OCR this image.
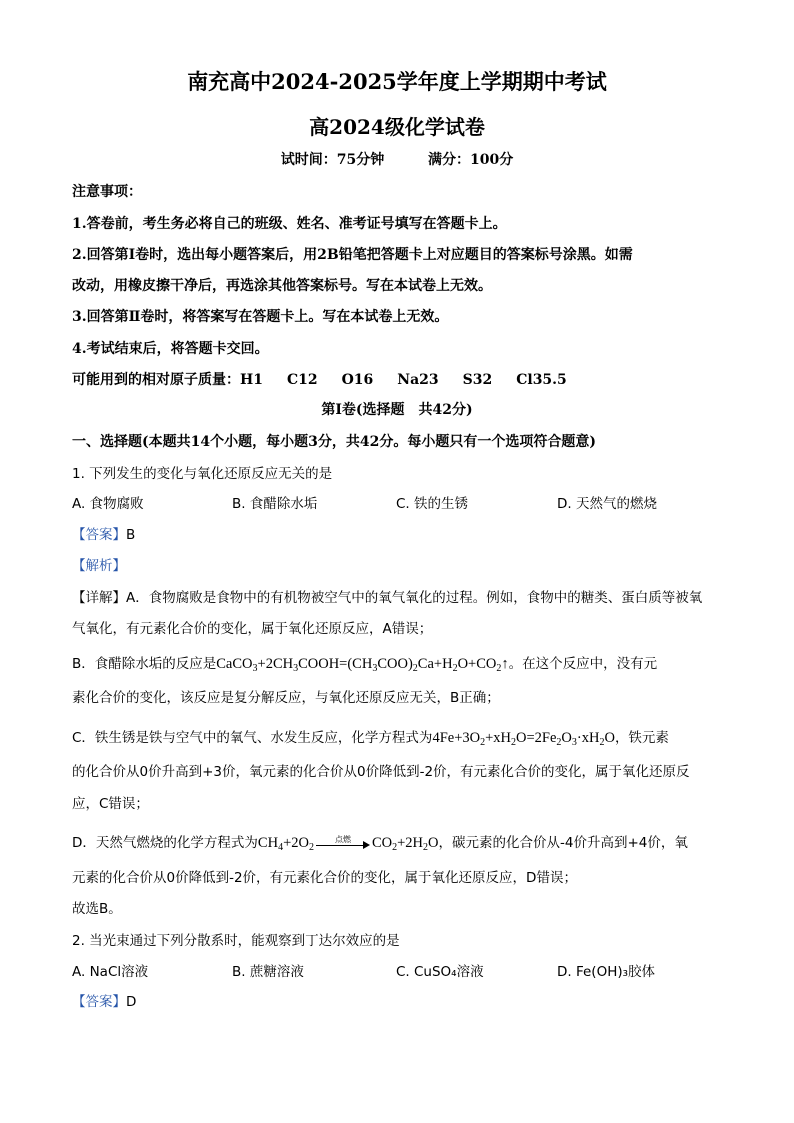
南充高中2024-2025学年度上学期期中考试
高2024级化学试卷
试时间：75分钟	满分：100分
注意事项：
1.答卷前，考生务必将自己的班级、姓名、准考证号填写在答题卡上。
2.回答第Ⅰ卷时，选出每小题答案后，用2B铅笔把答题卡上对应题目的答案标号涂黑。如需
改动，用橡皮擦干净后，再选涂其他答案标号。写在本试卷上无效。
3.回答第Ⅱ卷时，将答案写在答题卡上。写在本试卷上无效。
4.考试结束后，将答题卡交回。
可能用到的相对原子质量：H1 C12 O16 Na23 S32 Cl35.5
第Ⅰ卷(选择题　共42分)
一、选择题(本题共14个小题，每小题3分，共42分。每小题只有一个选项符合题意)
1. 下列发生的变化与氧化还原反应无关的是
A. 食物腐败	B. 食醋除水垢	C. 铁的生锈	D. 天然气的燃烧
【答案】B
【解析】
【详解】A．食物腐败是食物中的有机物被空气中的氧气氧化的过程。例如，食物中的糖类、蛋白质等被氧
气氧化，有元素化合价的变化，属于氧化还原反应，A错误；
B．食醋除水垢的反应是$CaCO_3+2CH_3COOH=(CH_3COO)_2Ca+H_2O+CO_2↑$。在这个反应中，没有元
素化合价的变化，该反应是复分解反应，与氧化还原反应无关，B正确；
C．铁生锈是铁与空气中的氧气、水发生反应，化学方程式为$4Fe+3O_2+xH_2O=2Fe_2O_3\cdot xH_2O$，铁元素
的化合价从0价升高到+3价，氧元素的化合价从0价降低到-2价，有元素化合价的变化，属于氧化还原反
应，C错误；
D．天然气燃烧的化学方程式为$CH_4+2O_2$
点燃	$CO_2+2H_2O$，碳元素的化合价从-4价升高到+4价，氧
元素的化合价从0价降低到-2价，有元素化合价的变化，属于氧化还原反应，D错误；
故选B。
2. 当光束通过下列分散系时，能观察到丁达尔效应的是
A. NaCl溶液	B. 蔗糖溶液	C. CuSO₄溶液	D. Fe(OH)₃胶体
【答案】D
